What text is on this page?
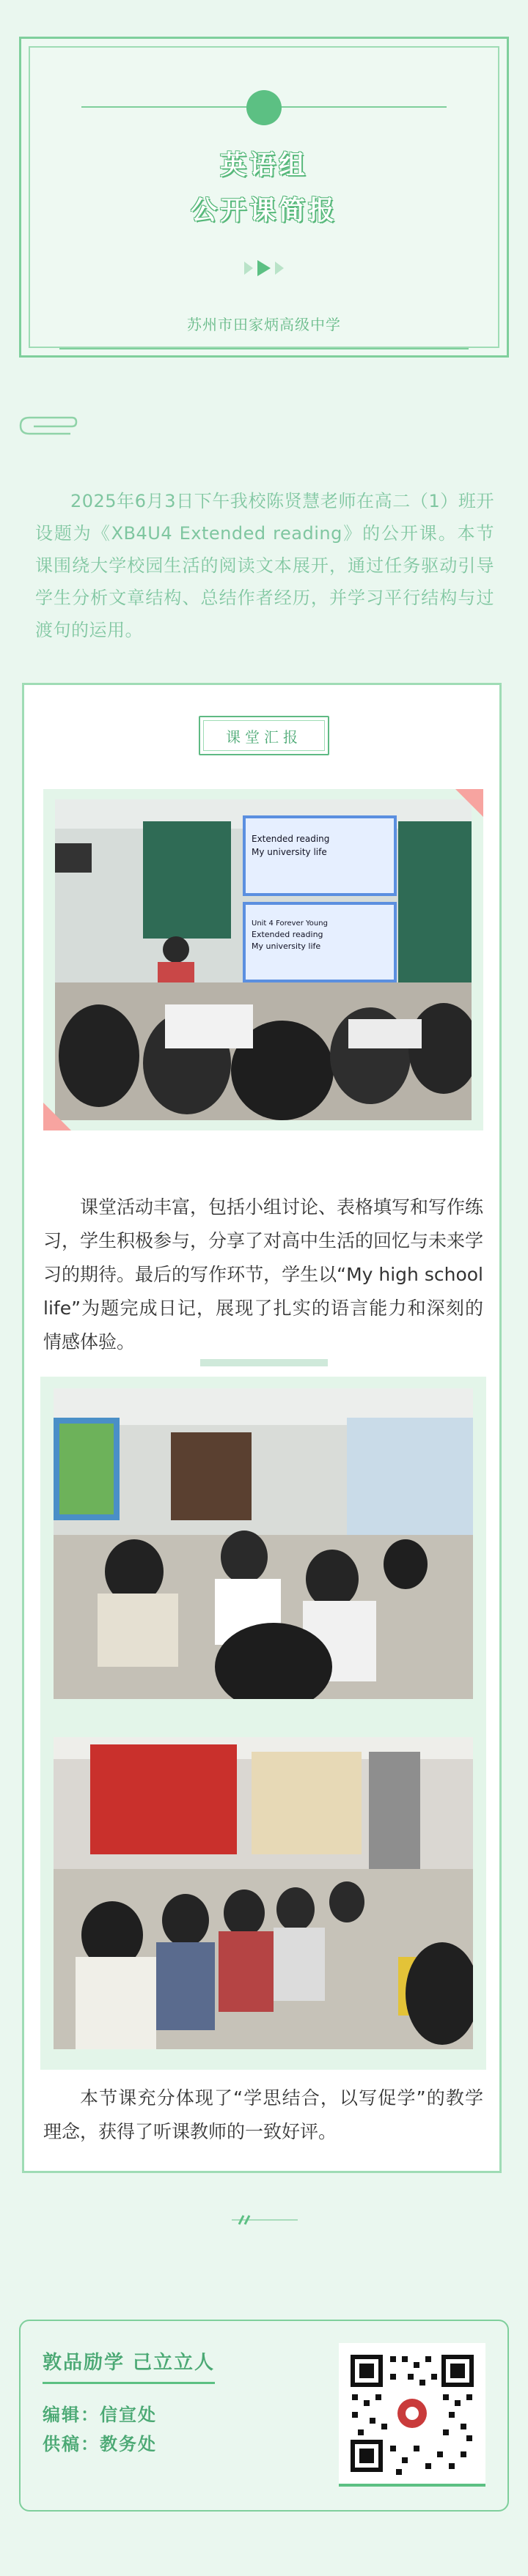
英语组
公开课简报
苏州市田家炳高级中学

2025年6月3日下午我校陈贤慧老师在高二（1）班开设题为《XB4U4 Extended reading》的公开课。本节课围绕大学校园生活的阅读文本展开，通过任务驱动引导学生分析文章结构、总结作者经历，并学习平行结构与过渡句的运用。

课堂汇报
Extended reading
My university life
Unit 4 Forever Young
Extended reading
My university life

课堂活动丰富，包括小组讨论、表格填写和写作练习，学生积极参与，分享了对高中生活的回忆与未来学习的期待。最后的写作环节，学生以“My high school life”为题完成日记，展现了扎实的语言能力和深刻的情感体验。

本节课充分体现了“学思结合，以写促学”的教学理念，获得了听课教师的一致好评。

敦品励学 己立立人
编辑：信宣处
供稿：教务处
